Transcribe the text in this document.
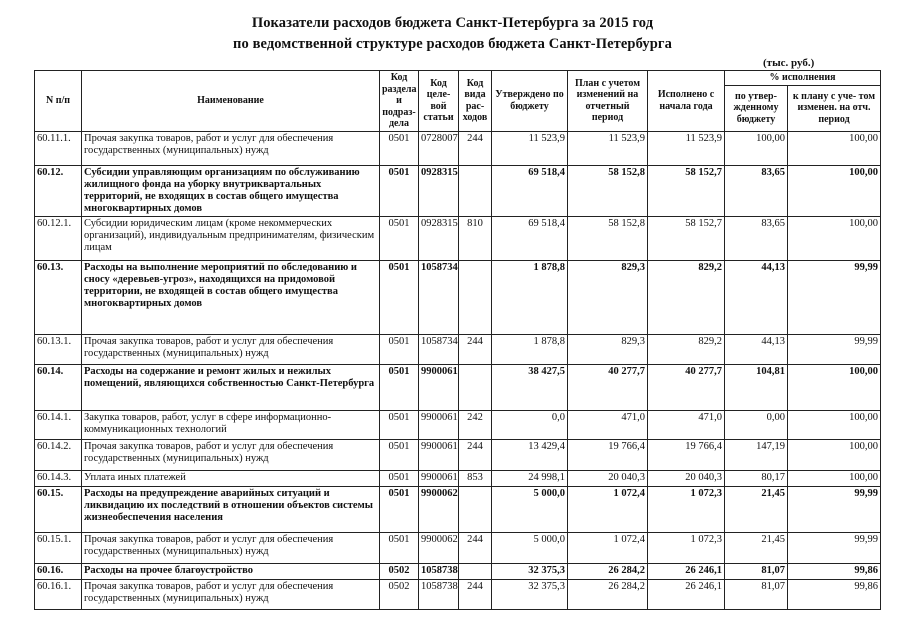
Показатели расходов бюджета Санкт-Петербурга за 2015 год
по ведомственной структуре расходов бюджета Санкт-Петербурга
(тыс. руб.)
N п/п	Наименование	Код раздела и подраз- дела	Код целе- вой статьи	Код вида рас- ходов	Утверждено по бюджету	План с учетом изменений на отчетный период	Исполнено с начала года	% исполнения	
								по утвер- жденному бюджету	к плану с уче- том изменен. на отч. период
60.11.1.	Прочая закупка товаров, работ и услуг для обеспечения государственных (муниципальных) нужд	0501	0728007	244	11 523,9	11 523,9	11 523,9	100,00	100,00
60.12.	Субсидии управляющим организациям по обслуживанию жилищного фонда на уборку внутриквартальных территорий, не входящих в состав общего имущества многоквартирных домов	0501	0928315		69 518,4	58 152,8	58 152,7	83,65	100,00
60.12.1.	Субсидии юридическим лицам (кроме некоммерческих организаций), индивидуальным предпринимателям, физическим лицам	0501	0928315	810	69 518,4	58 152,8	58 152,7	83,65	100,00
60.13.	Расходы на выполнение мероприятий по обследованию и сносу «деревьев-угроз», находящихся на придомовой территории, не входящей в состав общего имущества многоквартирных домов	0501	1058734		1 878,8	829,3	829,2	44,13	99,99
60.13.1.	Прочая закупка товаров, работ и услуг для обеспечения государственных (муниципальных) нужд	0501	1058734	244	1 878,8	829,3	829,2	44,13	99,99
60.14.	Расходы на содержание и ремонт жилых и нежилых помещений, являющихся собственностью Санкт-Петербурга	0501	9900061		38 427,5	40 277,7	40 277,7	104,81	100,00
60.14.1.	Закупка товаров, работ, услуг в сфере информационно-коммуникационных технологий	0501	9900061	242	0,0	471,0	471,0	0,00	100,00
60.14.2.	Прочая закупка товаров, работ и услуг для обеспечения государственных (муниципальных) нужд	0501	9900061	244	13 429,4	19 766,4	19 766,4	147,19	100,00
60.14.3.	Уплата иных платежей	0501	9900061	853	24 998,1	20 040,3	20 040,3	80,17	100,00
60.15.	Расходы на предупреждение аварийных ситуаций и ликвидацию их последствий в отношении объектов системы жизнеобеспечения населения	0501	9900062		5 000,0	1 072,4	1 072,3	21,45	99,99
60.15.1.	Прочая закупка товаров, работ и услуг для обеспечения государственных (муниципальных) нужд	0501	9900062	244	5 000,0	1 072,4	1 072,3	21,45	99,99
60.16.	Расходы на прочее благоустройство	0502	1058738		32 375,3	26 284,2	26 246,1	81,07	99,86
60.16.1.	Прочая закупка товаров, работ и услуг для обеспечения государственных (муниципальных) нужд	0502	1058738	244	32 375,3	26 284,2	26 246,1	81,07	99,86
